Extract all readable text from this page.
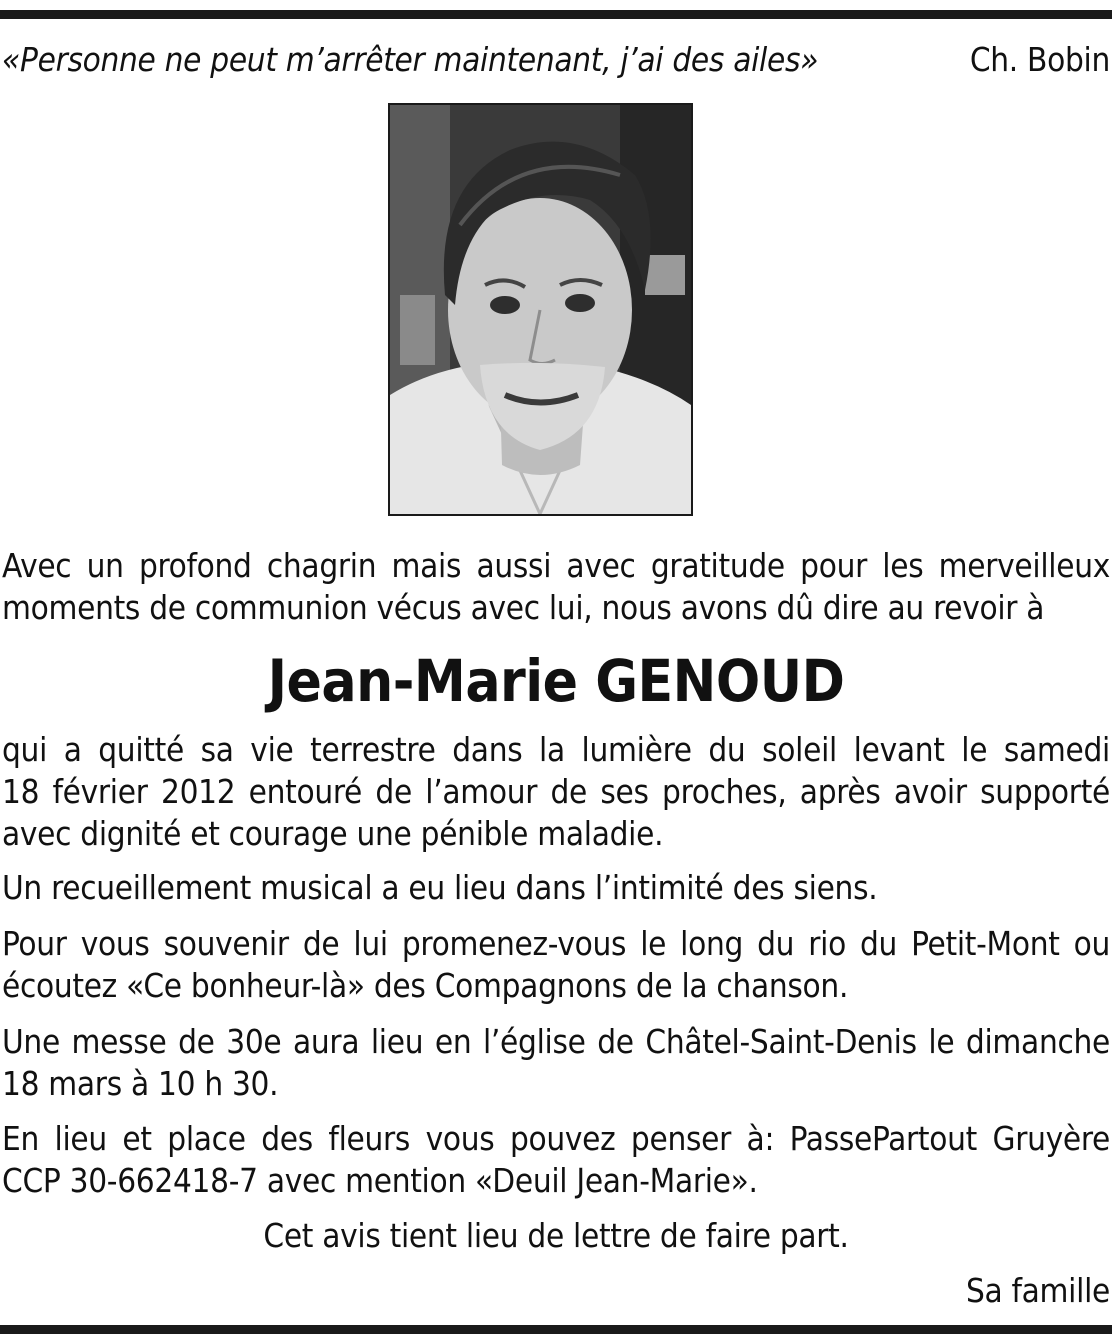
«Personne ne peut m’arrêter maintenant, j’ai des ailes»	Ch. Bobin
Avec un profond chagrin mais aussi avec gratitude pour les merveilleux
moments de communion vécus avec lui, nous avons dû dire au revoir à
Jean-Marie GENOUD
qui a quitté sa vie terrestre dans la lumière du soleil levant le samedi
18 février 2012 entouré de l’amour de ses proches, après avoir supporté
avec dignité et courage une pénible maladie.
Un recueillement musical a eu lieu dans l’intimité des siens.
Pour vous souvenir de lui promenez-vous le long du rio du Petit-Mont ou
écoutez «Ce bonheur-là» des Compagnons de la chanson.
Une messe de 30e aura lieu en l’église de Châtel-Saint-Denis le dimanche
18 mars à 10 h 30.
En lieu et place des fleurs vous pouvez penser à: PassePartout Gruyère
CCP 30-662418-7 avec mention «Deuil Jean-Marie».
Cet avis tient lieu de lettre de faire part.
Sa famille
